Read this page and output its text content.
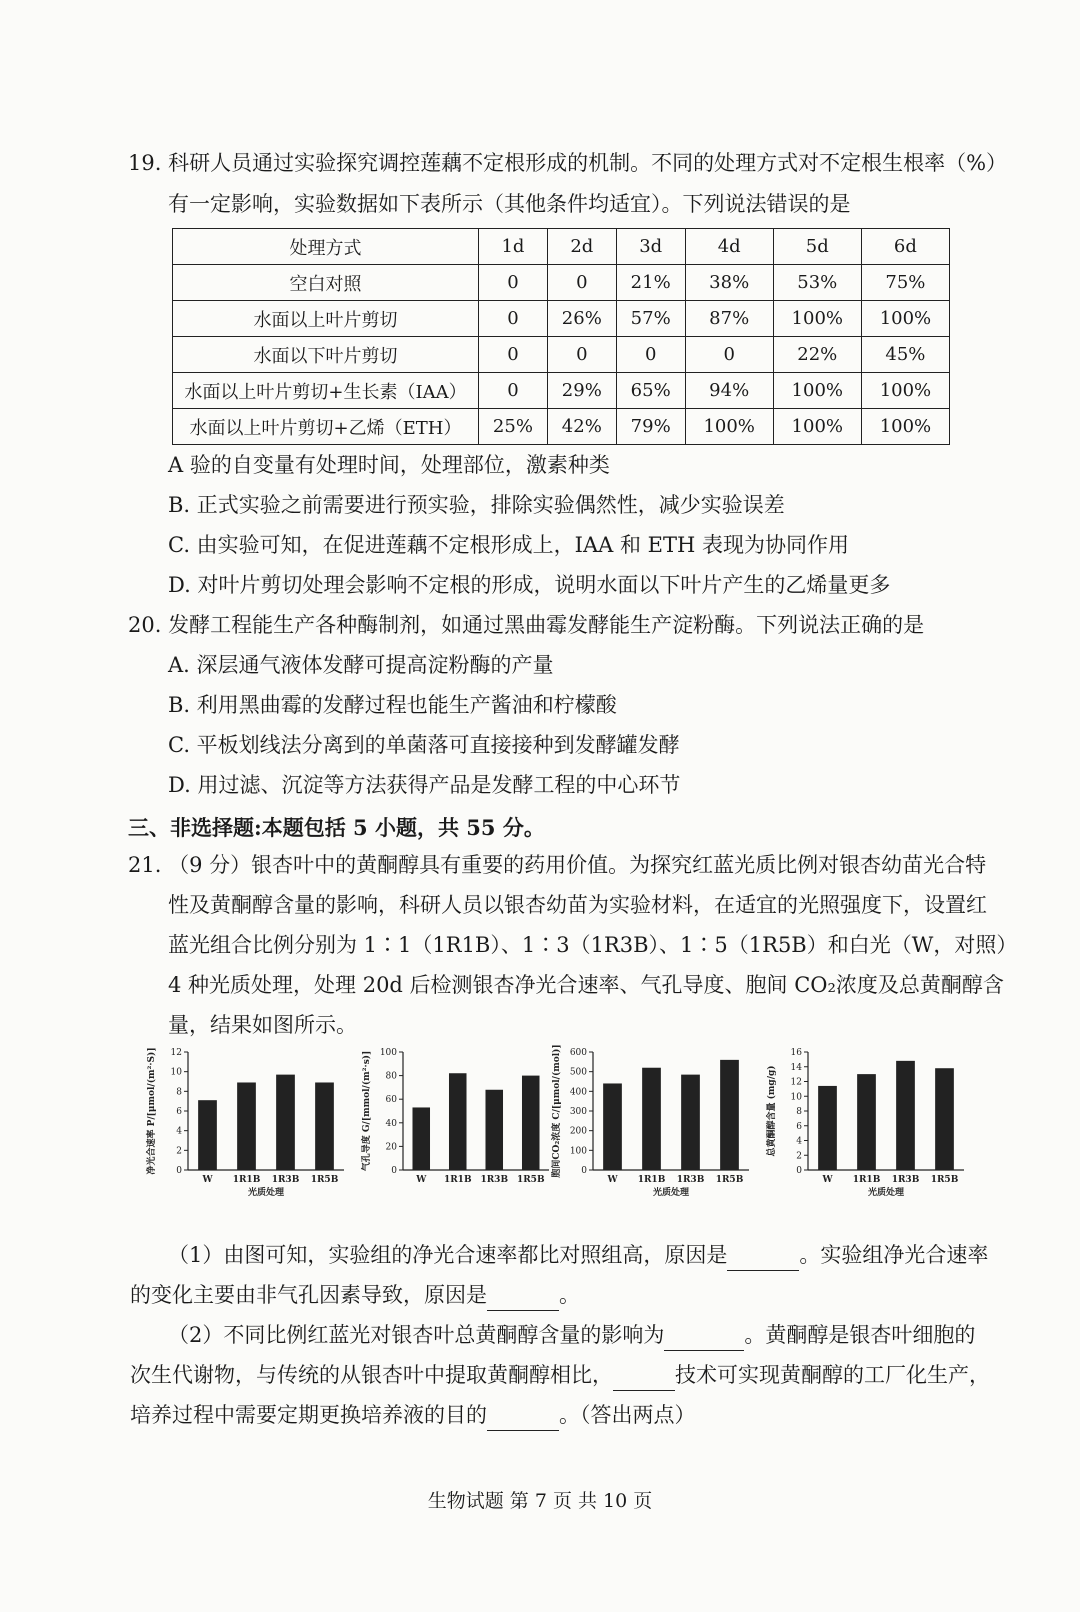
19. 科研人员通过实验探究调控莲藕不定根形成的机制。不同的处理方式对不定根生根率（%）
有一定影响，实验数据如下表所示（其他条件均适宜）。下列说法错误的是
处理方式	1d	2d	3d	4d	5d	6d
空白对照	0	0	21%	38%	53%	75%
水面以上叶片剪切	0	26%	57%	87%	100%	100%
水面以下叶片剪切	0	0	0	0	22%	45%
水面以上叶片剪切+生长素（IAA）	0	29%	65%	94%	100%	100%
水面以上叶片剪切+乙烯（ETH）	25%	42%	79%	100%	100%	100%
A 验的自变量有处理时间，处理部位，激素种类
B. 正式实验之前需要进行预实验，排除实验偶然性，减少实验误差
C. 由实验可知，在促进莲藕不定根形成上，IAA 和 ETH 表现为协同作用
D. 对叶片剪切处理会影响不定根的形成，说明水面以下叶片产生的乙烯量更多
20. 发酵工程能生产各种酶制剂，如通过黑曲霉发酵能生产淀粉酶。下列说法正确的是
A. 深层通气液体发酵可提高淀粉酶的产量
B. 利用黑曲霉的发酵过程也能生产酱油和柠檬酸
C. 平板划线法分离到的单菌落可直接接种到发酵罐发酵
D. 用过滤、沉淀等方法获得产品是发酵工程的中心环节
三、非选择题:本题包括 5 小题，共 55 分。
21. （9 分）银杏叶中的黄酮醇具有重要的药用价值。为探究红蓝光质比例对银杏幼苗光合特
性及黄酮醇含量的影响，科研人员以银杏幼苗为实验材料，在适宜的光照强度下，设置红
蓝光组合比例分别为 1∶1（1R1B）、1∶3（1R3B）、1∶5（1R5B）和白光（W，对照）
4 种光质处理，处理 20d 后检测银杏净光合速率、气孔导度、胞间 CO₂浓度及总黄酮醇含
量，结果如图所示。
0
2
4
6
8
10
12
W 1R1B 1R3B 1R5B
光质处理
净光合速率 P/[μmol/(m²·S)]	0
20
40
60
80
100
W 1R1B 1R3B 1R5B
气孔导度 G/[mmol/(m²·s)]	0
100
200
300
400
500
600
W 1R1B 1R3B 1R5B
光质处理
胞间CO₂浓度 C/[μmol/(mol)]	0
2
4
6
8
10
12
14
16
W 1R1B 1R3B 1R5B
光质处理
总黄酮醇含量 (mg/g)
（1）由图可知，实验组的净光合速率都比对照组高，原因是	。实验组净光合速率
的变化主要由非气孔因素导致，原因是	。
（2）不同比例红蓝光对银杏叶总黄酮醇含量的影响为	。黄酮醇是银杏叶细胞的
次生代谢物，与传统的从银杏叶中提取黄酮醇相比，	技术可实现黄酮醇的工厂化生产，
培养过程中需要定期更换培养液的目的	。（答出两点）
生物试题 第 7 页 共 10 页
